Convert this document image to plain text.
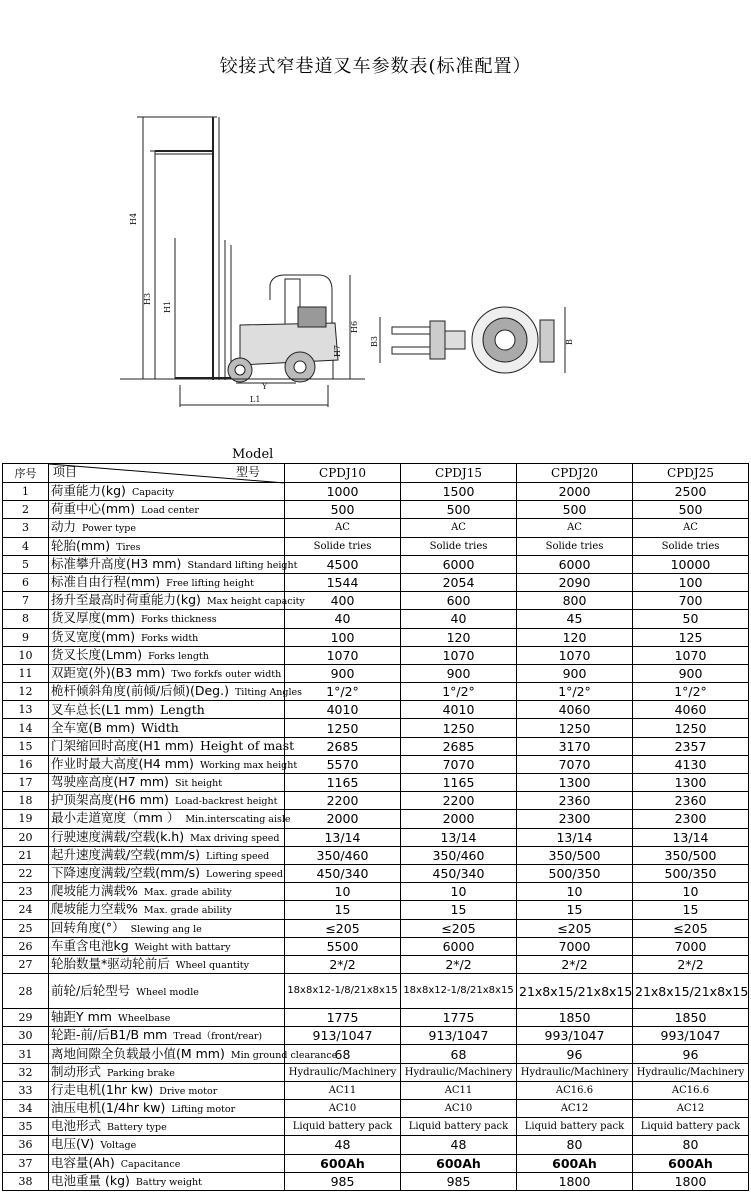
铰接式窄巷道叉车参数表(标准配置）
H4
H3
H1
H6
H7
Y
L1
B3	B
Model
序号	项目 型号	CPDJ10	CPDJ15	CPDJ20	CPDJ25
1	荷重能力(kg) Capacity	1000	1500	2000	2500
2	荷重中心(mm) Load center	500	500	500	500
3	动力 Power type	AC	AC	AC	AC
4	轮胎(mm) Tires	Solide tries	Solide tries	Solide tries	Solide tries
5	标准攀升高度(H3 mm) Standard lifting height	4500	6000	6000	10000
6	标准自由行程(mm) Free lifting height	1544	2054	2090	100
7	扬升至最高时荷重能力(kg) Max height capacity	400	600	800	700
8	货叉厚度(mm) Forks thickness	40	40	45	50
9	货叉宽度(mm) Forks width	100	120	120	125
10	货叉长度(Lmm) Forks length	1070	1070	1070	1070
11	双距宽(外)(B3 mm) Two forkfs outer width	900	900	900	900
12	桅杆倾斜角度(前倾/后倾)(Deg.) Tilting Angles	1°/2°	1°/2°	1°/2°	1°/2°
13	叉车总长(L1 mm) Length	4010	4010	4060	4060
14	全车宽(B mm) Width	1250	1250	1250	1250
15	门架缩回时高度(H1 mm) Height of mast	2685	2685	3170	2357
16	作业时最大高度(H4 mm) Working max height	5570	7070	7070	4130
17	驾驶座高度(H7 mm) Sit height	1165	1165	1300	1300
18	护顶架高度(H6 mm) Load-backrest height	2200	2200	2360	2360
19	最小走道宽度（mm ） Min.interscating aisle	2000	2000	2300	2300
20	行驶速度满载/空载(k.h) Max driving speed	13/14	13/14	13/14	13/14
21	起升速度满载/空载(mm/s) Lifting speed	350/460	350/460	350/500	350/500
22	下降速度满载/空载(mm/s) Lowering speed	450/340	450/340	500/350	500/350
23	爬坡能力满载% Max. grade ability	10	10	10	10
24	爬坡能力空载% Max. grade ability	15	15	15	15
25	回转角度(°） Slewing ang le	≤205	≤205	≤205	≤205
26	车重含电池kg Weight with battary	5500	6000	7000	7000
27	轮胎数量*驱动轮前后 Wheel quantity	2*/2	2*/2	2*/2	2*/2
28	前轮/后轮型号 Wheel modle	18x8x12-1/8/21x8x15	18x8x12-1/8/21x8x15	21x8x15/21x8x15	21x8x15/21x8x15
29	轴距Y mm Wheelbase	1775	1775	1850	1850
30	轮距-前/后B1/B mm Tread（front/rear)	913/1047	913/1047	993/1047	993/1047
31	离地间隙全负载最小值(M mm) Min ground clearance	68	68	96	96
32	制动形式 Parking brake	Hydraulic/Machinery	Hydraulic/Machinery	Hydraulic/Machinery	Hydraulic/Machinery
33	行走电机(1hr kw) Drive motor	AC11	AC11	AC16.6	AC16.6
34	油压电机(1/4hr kw) Lifting motor	AC10	AC10	AC12	AC12
35	电池形式 Battery type	Liquid battery pack	Liquid battery pack	Liquid battery pack	Liquid battery pack
36	电压(V) Voltage	48	48	80	80
37	电容量(Ah) Capacitance	600Ah	600Ah	600Ah	600Ah
38	电池重量 (kg) Battry weight	985	985	1800	1800
